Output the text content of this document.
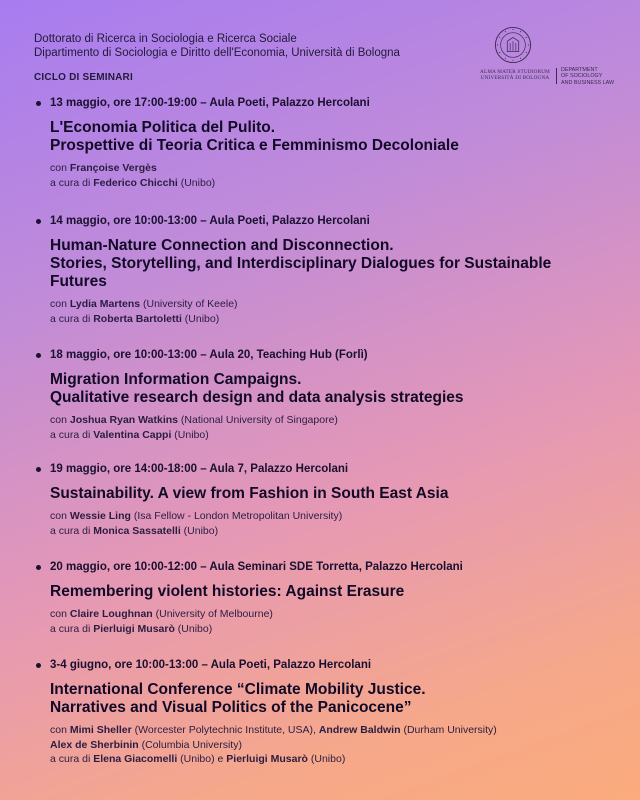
Dottorato di Ricerca in Sociologia e Ricerca Sociale
Dipartimento di Sociologia e Diritto dell'Economia, Università di Bologna
CICLO DI SEMINARI	ALMA MATER STUDIORUM
UNIVERSITÀ DI BOLOGNA
DEPARTMENT
OF SOCIOLOGY
AND BUSINESS LAW
13 maggio, ore 17:00-19:00 – Aula Poeti, Palazzo Hercolani
L'Economia Politica del Pulito.
Prospettive di Teoria Critica e Femminismo Decoloniale
con Françoise Vergès
a cura di Federico Chicchi (Unibo)
14 maggio, ore 10:00-13:00 – Aula Poeti, Palazzo Hercolani
Human-Nature Connection and Disconnection.
Stories, Storytelling, and Interdisciplinary Dialogues for Sustainable
Futures
con Lydia Martens (University of Keele)
a cura di Roberta Bartoletti (Unibo)
18 maggio, ore 10:00-13:00 – Aula 20, Teaching Hub (Forlì)
Migration Information Campaigns.
Qualitative research design and data analysis strategies
con Joshua Ryan Watkins (National University of Singapore)
a cura di Valentina Cappi (Unibo)
19 maggio, ore 14:00-18:00 – Aula 7, Palazzo Hercolani
Sustainability. A view from Fashion in South East Asia
con Wessie Ling (Isa Fellow - London Metropolitan University)
a cura di Monica Sassatelli (Unibo)
20 maggio, ore 10:00-12:00 – Aula Seminari SDE Torretta, Palazzo Hercolani
Remembering violent histories: Against Erasure
con Claire Loughnan (University of Melbourne)
a cura di Pierluigi Musarò (Unibo)
3-4 giugno, ore 10:00-13:00 – Aula Poeti, Palazzo Hercolani
International Conference “Climate Mobility Justice.
Narratives and Visual Politics of the Panicocene”
con Mimi Sheller (Worcester Polytechnic Institute, USA), Andrew Baldwin (Durham University)
Alex de Sherbinin (Columbia University)
a cura di Elena Giacomelli (Unibo) e Pierluigi Musarò (Unibo)
